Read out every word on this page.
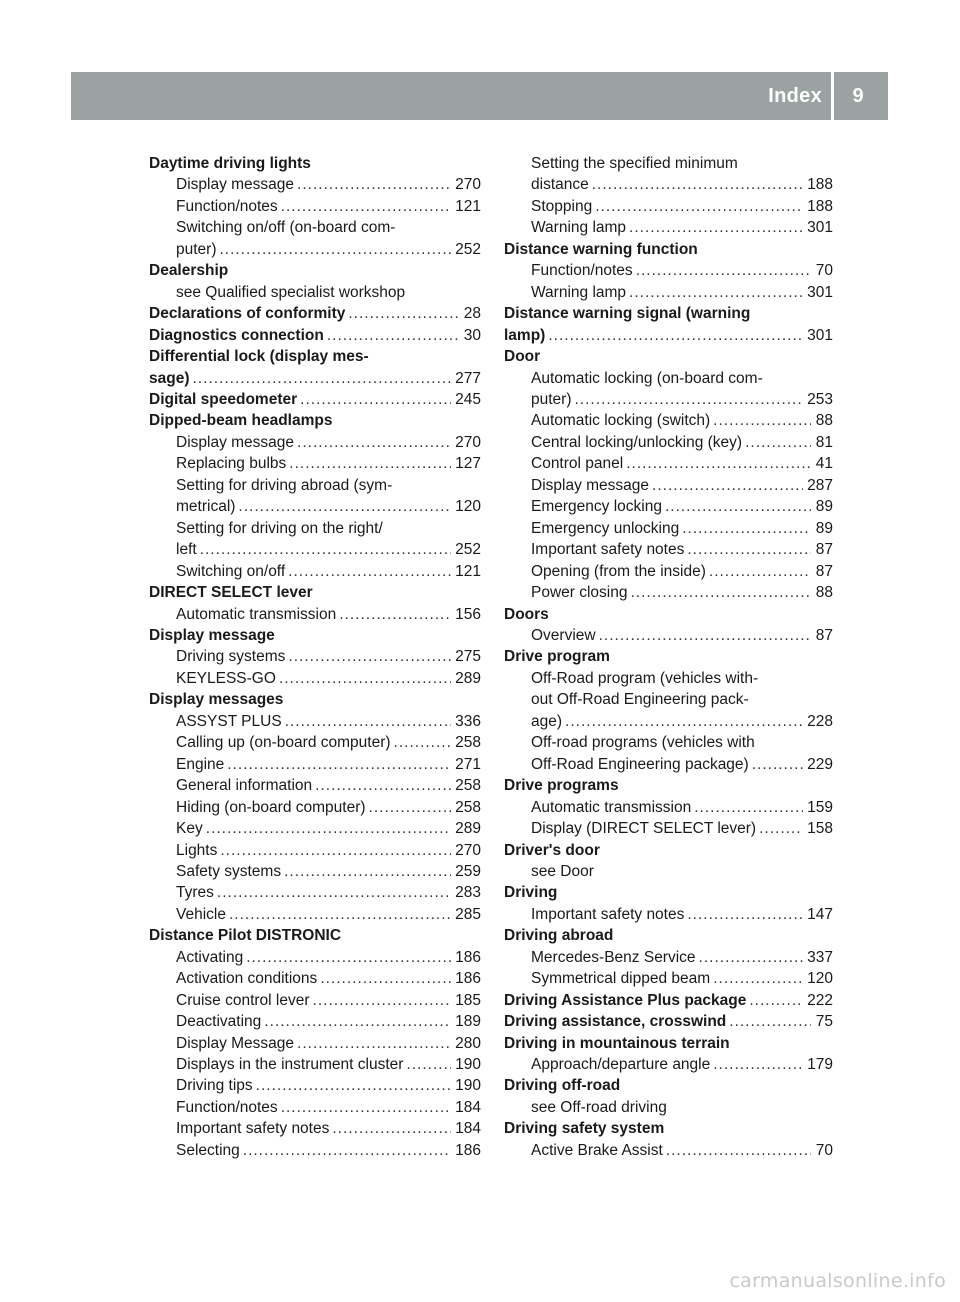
Index	9
Daytime driving lights
Display message .....	270
Function/notes .....	121
Switching on/off (on-board com-
puter) .....	252
Dealership
see Qualified specialist workshop
Declarations of conformity .....	28
Diagnostics connection .....	30
Differential lock (display mes-
sage) .....	277
Digital speedometer .....	245
Dipped-beam headlamps
Display message .....	270
Replacing bulbs .....	127
Setting for driving abroad (sym-
metrical) .....	120
Setting for driving on the right/
left .....	252
Switching on/off .....	121
DIRECT SELECT lever
Automatic transmission .....	156
Display message
Driving systems .....	275
KEYLESS-GO .....	289
Display messages
ASSYST PLUS .....	336
Calling up (on-board computer) .....	258
Engine .....	271
General information .....	258
Hiding (on-board computer) .....	258
Key .....	289
Lights .....	270
Safety systems .....	259
Tyres .....	283
Vehicle .....	285
Distance Pilot DISTRONIC
Activating .....	186
Activation conditions .....	186
Cruise control lever .....	185
Deactivating .....	189
Display Message .....	280
Displays in the instrument cluster .....	190
Driving tips .....	190
Function/notes .....	184
Important safety notes .....	184
Selecting .....	186
Setting the specified minimum
distance .....	188
Stopping .....	188
Warning lamp .....	301
Distance warning function
Function/notes .....	70
Warning lamp .....	301
Distance warning signal (warning
lamp) .....	301
Door
Automatic locking (on-board com-
puter) .....	253
Automatic locking (switch) .....	88
Central locking/unlocking (key) .....	81
Control panel .....	41
Display message .....	287
Emergency locking .....	89
Emergency unlocking .....	89
Important safety notes .....	87
Opening (from the inside) .....	87
Power closing .....	88
Doors
Overview .....	87
Drive program
Off-Road program (vehicles with-
out Off-Road Engineering pack-
age) .....	228
Off-road programs (vehicles with
Off-Road Engineering package) .....	229
Drive programs
Automatic transmission .....	159
Display (DIRECT SELECT lever) .....	158
Driver's door
see Door
Driving
Important safety notes .....	147
Driving abroad
Mercedes-Benz Service .....	337
Symmetrical dipped beam .....	120
Driving Assistance Plus package .....	222
Driving assistance, crosswind .....	75
Driving in mountainous terrain
Approach/departure angle .....	179
Driving off-road
see Off-road driving
Driving safety system
Active Brake Assist .....	70
carmanualsonline.info
